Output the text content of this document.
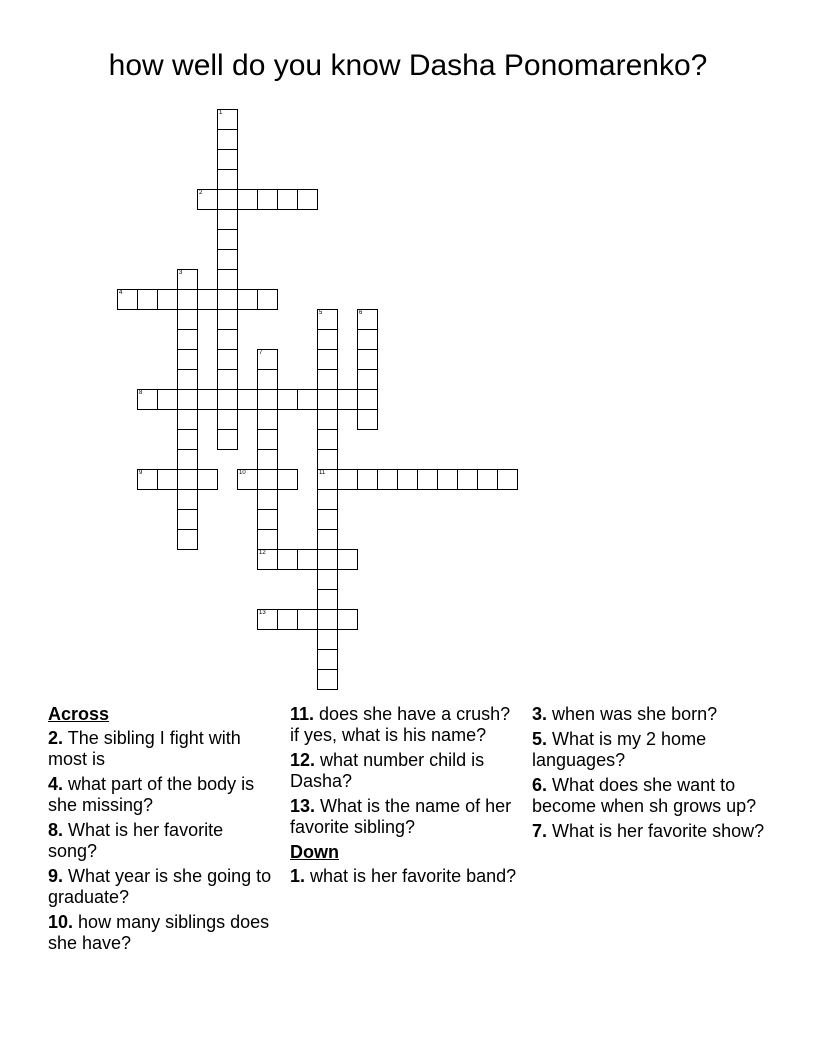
how well do you know Dasha Ponomarenko?
1
2
3
4
5
11
6
7
8
9	10
12
13
Across
2. The sibling I fight with most is
4. what part of the body is she missing?
8. What is her favorite song?
9. What year is she going to graduate?
10. how many siblings does she have?
11. does she have a crush? if yes, what is his name?
12. what number child is Dasha?
13. What is the name of her favorite sibling?
Down
1. what is her favorite band?
3. when was she born?
5. What is my 2 home languages?
6. What does she want to become when sh grows up?
7. What is her favorite show?
